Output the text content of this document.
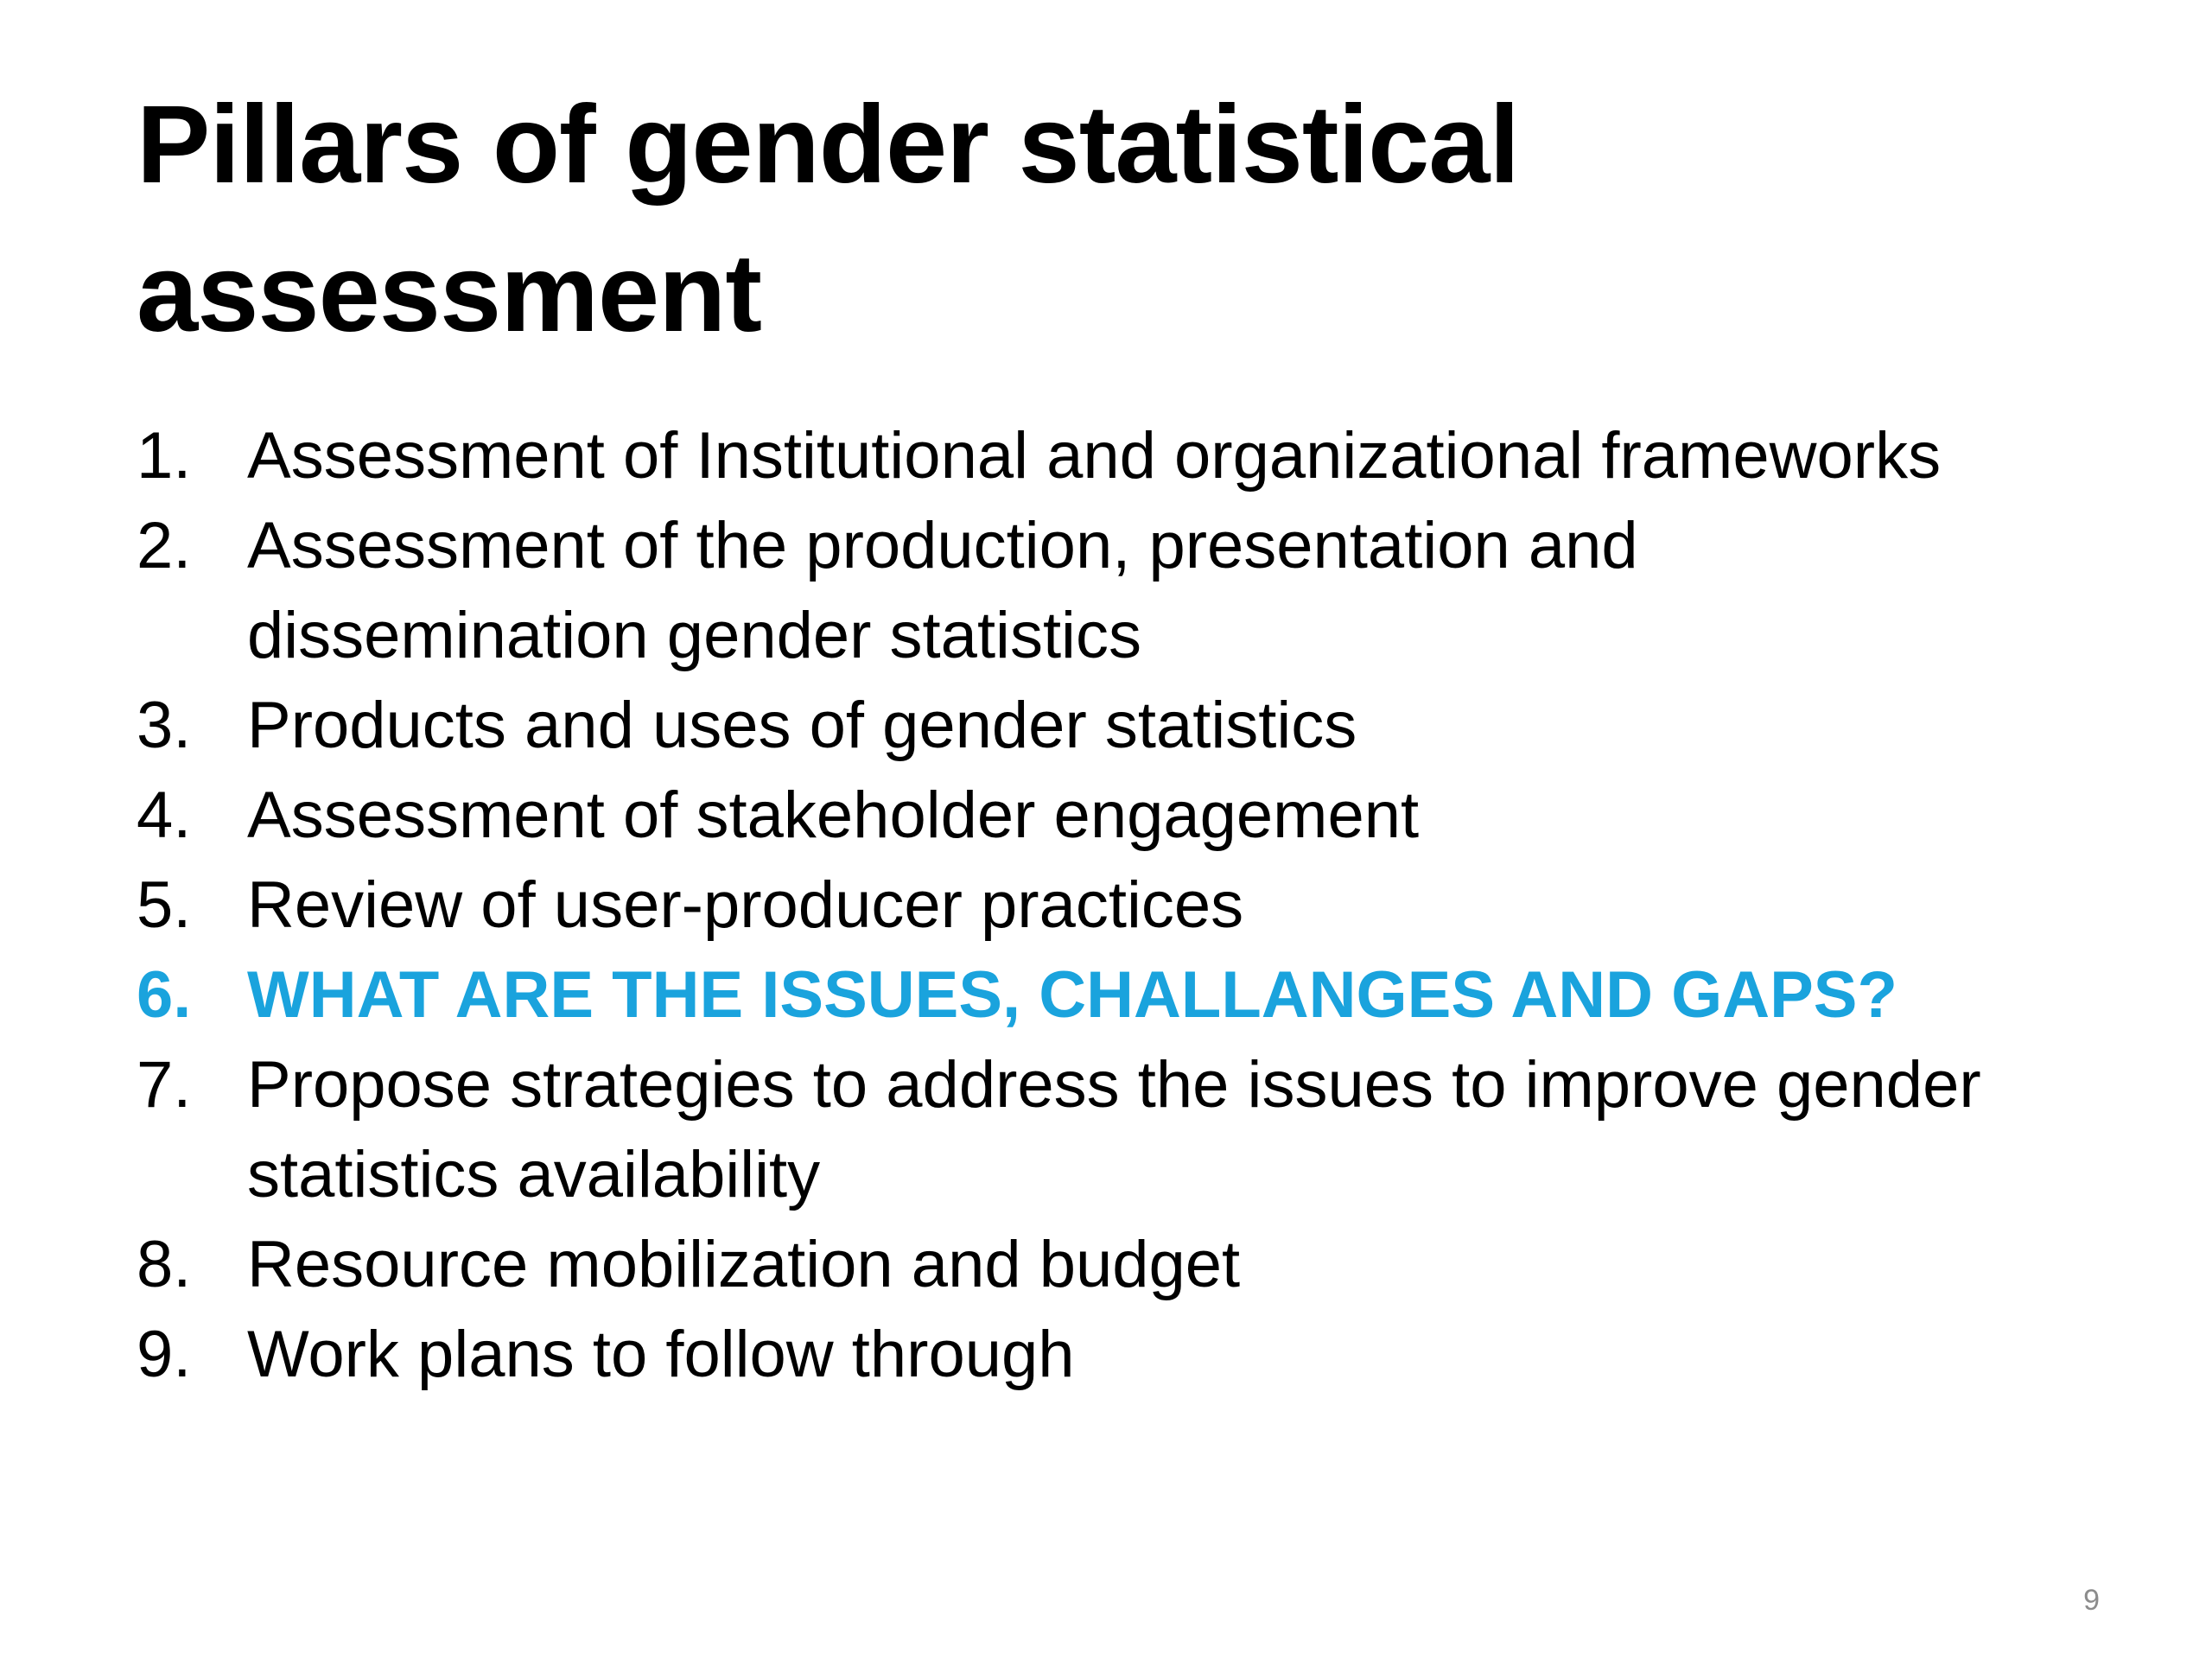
Pillars of gender statistical
assessment
1. Assessment of Institutional and organizational frameworks
2. Assessment of the production, presentation and
dissemination gender statistics
3. Products and uses of gender statistics
4. Assessment of stakeholder engagement
5. Review of user-producer practices
6. WHAT ARE THE ISSUES, CHALLANGES AND GAPS?
7. Propose strategies to address the issues to improve gender
statistics availability
8. Resource mobilization and budget
9. Work plans to follow through
9
